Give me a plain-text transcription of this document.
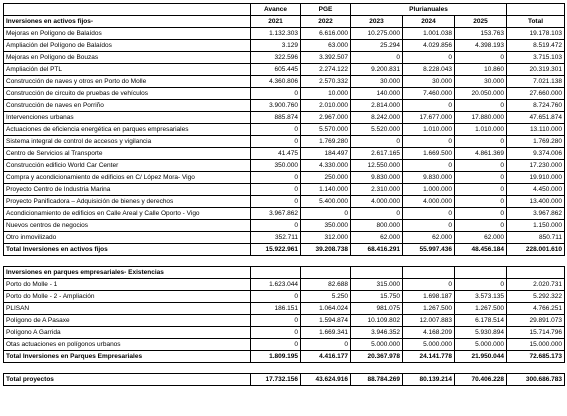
	Avance	PGE	Plurianuales			
Inversiones en activos fijos-	2021	2022	2023	2024	2025	Total
Mejoras en Polígono de Balaídos	1.132.303	6.616.000	10.275.000	1.001.038	153.763	19.178.103
Ampliación del Polígono de Balaídos	3.129	63.000	25.294	4.029.856	4.398.193	8.519.472
Mejoras en Polígono de Bouzas	322.596	3.392.507	0	0	0	3.715.103
Ampliación del PTL	605.445	2.274.122	9.200.831	8.228.043	10.860	20.319.301
Construcción de naves y otros en Porto do Molle	4.360.806	2.570.332	30.000	30.000	30.000	7.021.138
Construcción de circuito de pruebas de vehículos	0	10.000	140.000	7.460.000	20.050.000	27.660.000
Construcción de naves en Porriño	3.900.760	2.010.000	2.814.000	0	0	8.724.760
Intervenciones urbanas	885.874	2.967.000	8.242.000	17.677.000	17.880.000	47.651.874
Actuaciones de eficiencia energética en parques empresariales	0	5.570.000	5.520.000	1.010.000	1.010.000	13.110.000
Sistema integral de control de accesos y vigilancia	0	1.769.280	0	0	0	1.769.280
Centro de Servicios al Transporte	41.475	184.497	2.617.165	1.669.500	4.861.369	9.374.006
Construcción edificio World Car Center	350.000	4.330.000	12.550.000	0	0	17.230.000
Compra y acondicionamiento de edificios en C/ López Mora- Vigo	0	250.000	9.830.000	9.830.000	0	19.910.000
Proyecto Centro de Industria Marina	0	1.140.000	2.310.000	1.000.000	0	4.450.000
Proyecto Panificadora – Adquisición de bienes y derechos	0	5.400.000	4.000.000	4.000.000	0	13.400.000
Acondicionamiento de edificios en Calle Areal y Calle Oporto - Vigo	3.967.862	0	0	0	0	3.967.862
Nuevos centros de negocios	0	350.000	800.000	0	0	1.150.000
Otro inmovilizado	352.711	312.000	62.000	62.000	62.000	850.711
Total Inversiones en activos fijos	15.922.961	39.208.738	68.416.291	55.997.436	48.456.184	228.001.610

Inversiones en parques empresariales- Existencias						
Porto do Molle - 1	1.623.044	82.688	315.000	0	0	2.020.731
Porto do Molle - 2 - Ampliación	0	5.250	15.750	1.698.187	3.573.135	5.292.322
PLISAN	186.151	1.064.024	981.075	1.267.500	1.267.500	4.766.251
Polígono de A Pasaxe	0	1.594.874	10.109.802	12.007.883	6.178.514	29.891.073
Polígono A Garrida	0	1.669.341	3.946.352	4.168.209	5.930.894	15.714.796
Otas actuaciones en polígonos urbanos	0	0	5.000.000	5.000.000	5.000.000	15.000.000
Total Inversiones en Parques Empresariales	1.809.195	4.416.177	20.367.978	24.141.778	21.950.044	72.685.173

Total proyectos	17.732.156	43.624.916	88.784.269	80.139.214	70.406.228	300.686.783
